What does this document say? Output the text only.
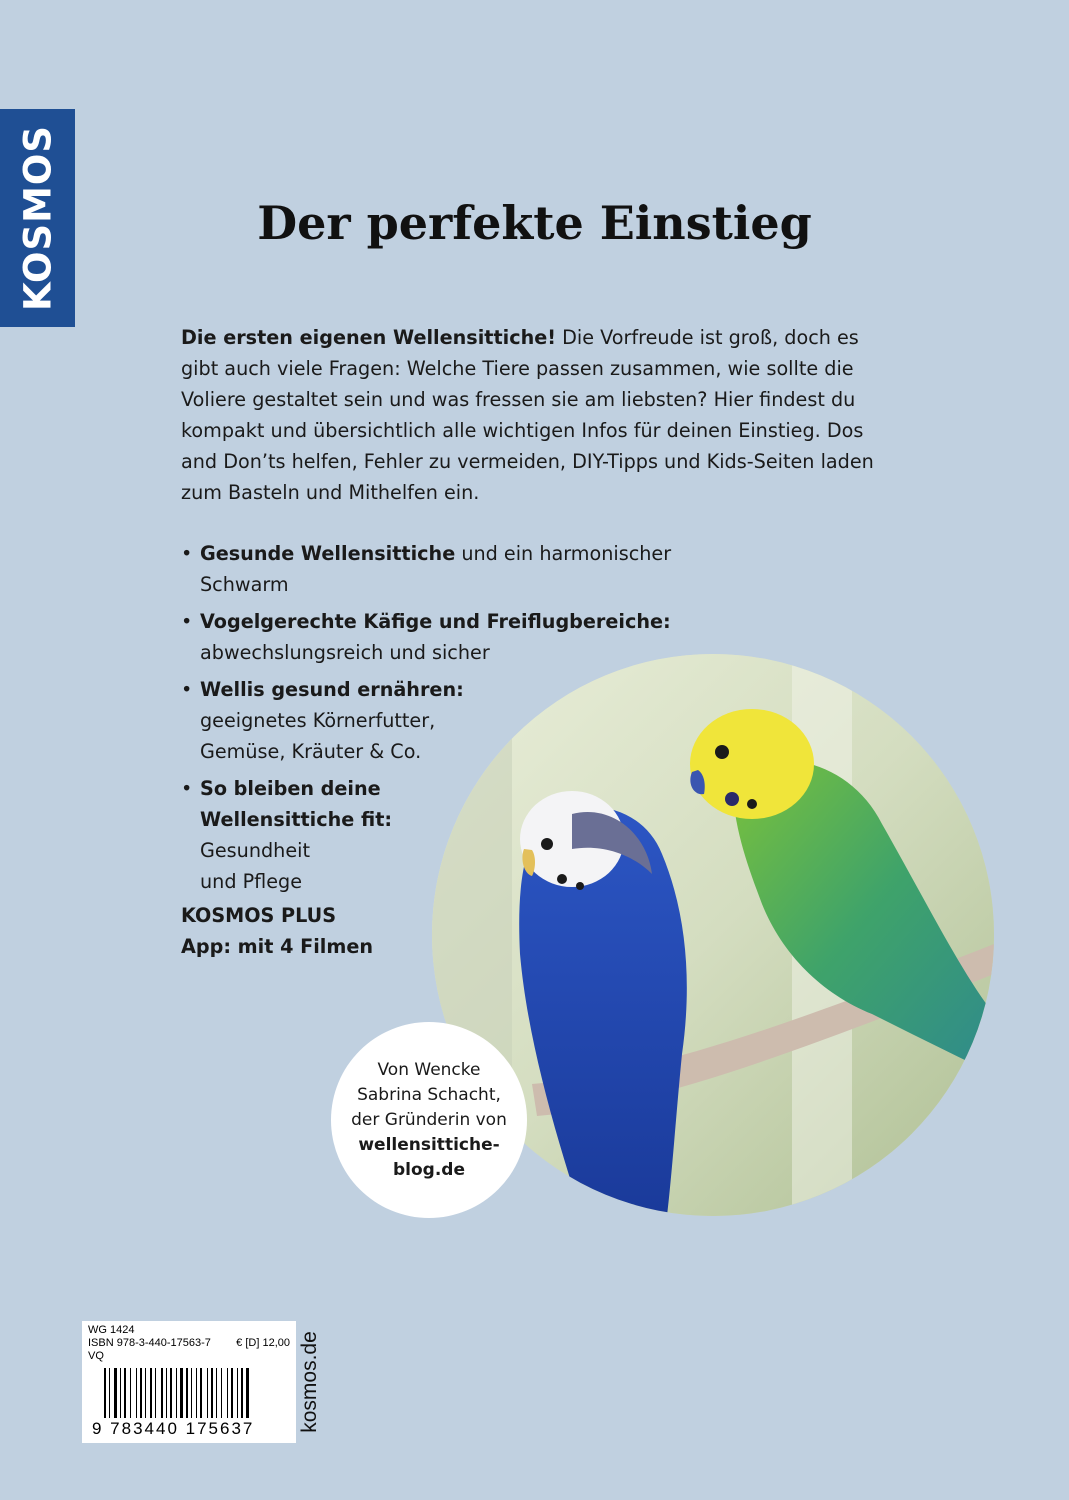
KOSMOS	Der perfekte Einstieg

Die ersten eigenen Wellensittiche! Die Vorfreude ist groß, doch es gibt auch viele Fragen: Welche Tiere passen zusammen, wie sollte die Voliere gestaltet sein und was fressen sie am liebsten? Hier findest du kompakt und übersichtlich alle wichtigen Infos für deinen Einstieg. Dos and Don’ts helfen, Fehler zu vermeiden, DIY-Tipps und Kids-Seiten laden zum Basteln und Mithelfen ein.

• Gesunde Wellensittiche und ein harmonischer Schwarm
• Vogelgerechte Käfige und Freiflugbereiche:
abwechslungsreich und sicher
• Wellis gesund ernähren:
geeignetes Körnerfutter, Gemüse, Kräuter & Co.
• So bleiben deine Wellensittiche fit:
Gesundheit und Pflege
KOSMOS PLUS
App: mit 4 Filmen
Von Wencke
Sabrina Schacht,
der Gründerin von
wellensittiche-
blog.de
WG 1424
ISBN 978-3-440-17563-7
VQ
€ [D] 12,00
9 783440 175637 kosmos.de
